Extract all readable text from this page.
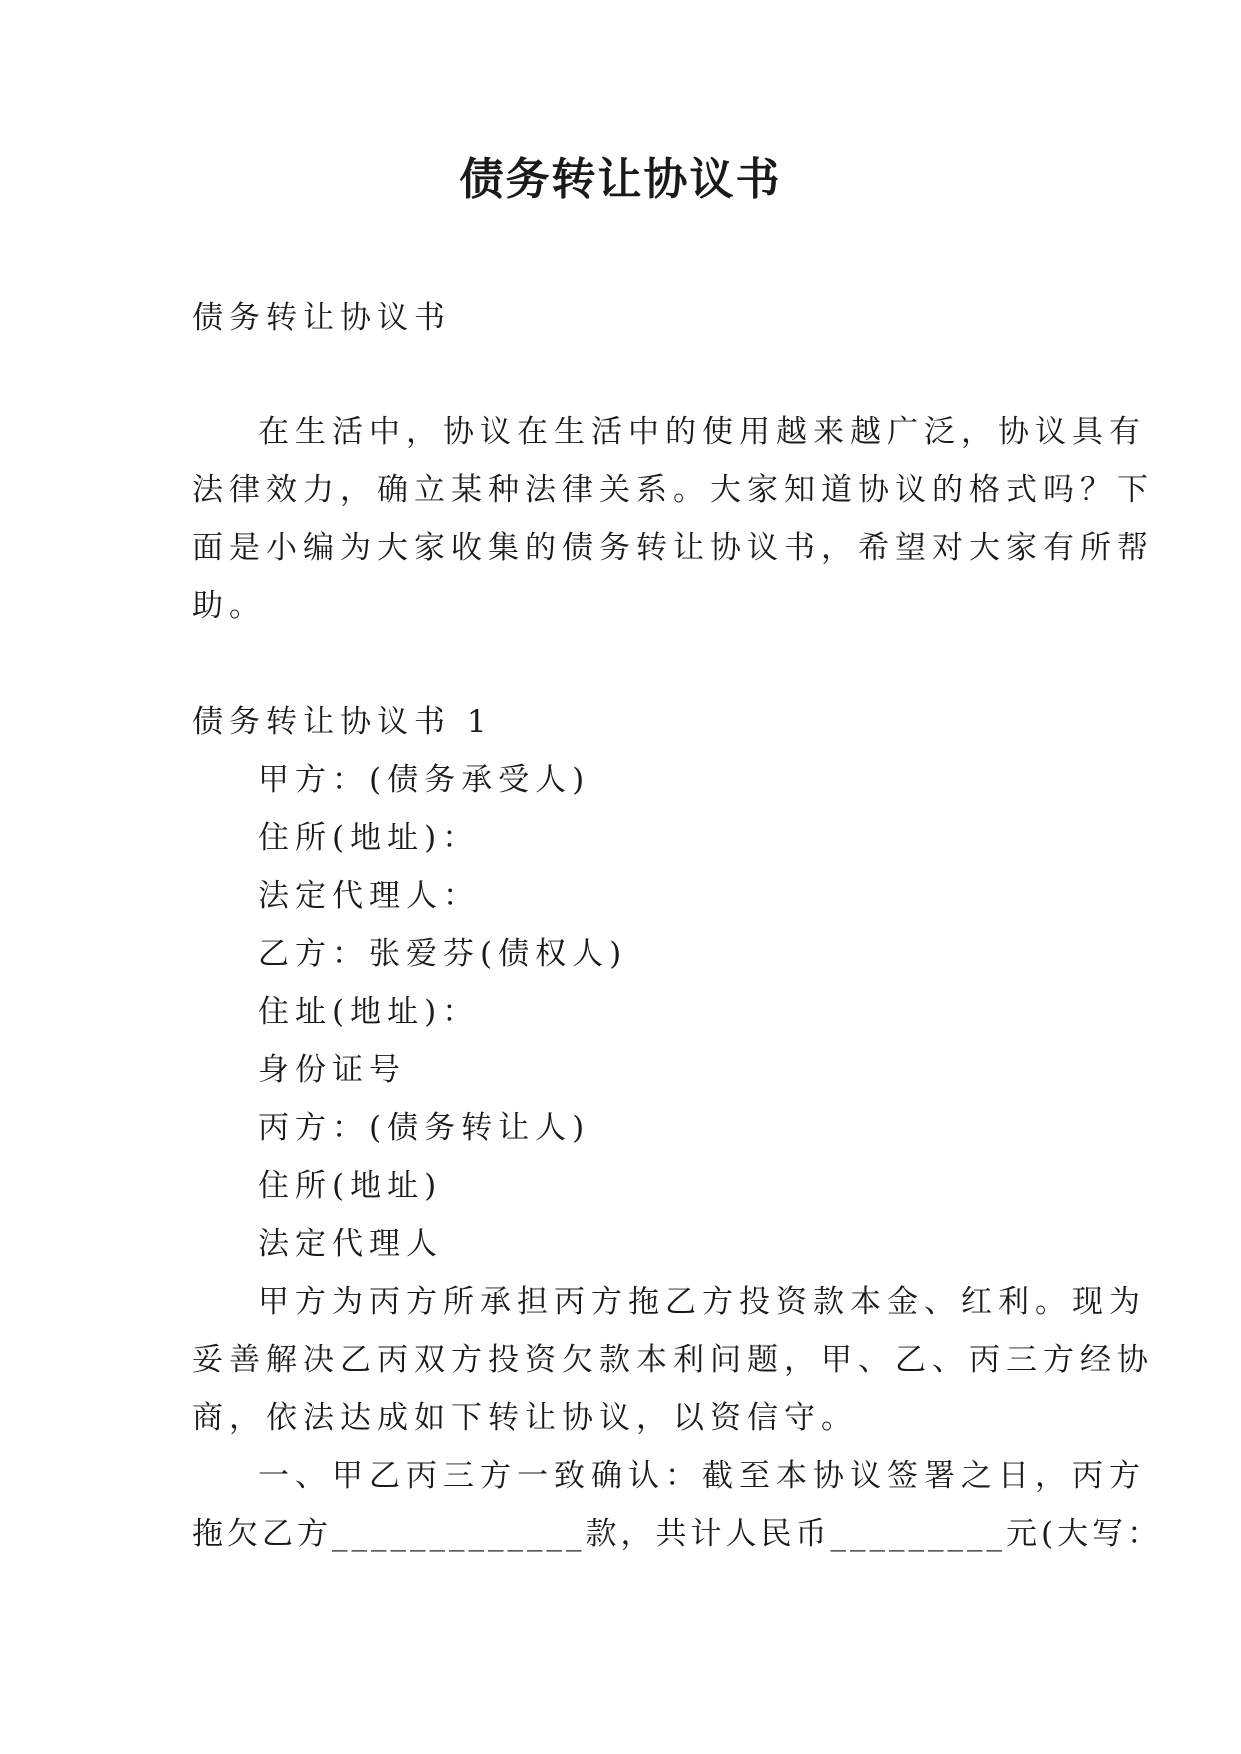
债务转让协议书

债务转让协议书

在生活中，协议在生活中的使用越来越广泛，协议具有

法律效力，确立某种法律关系。大家知道协议的格式吗？下

面是小编为大家收集的债务转让协议书，希望对大家有所帮

助。

债务转让协议书 1

甲方：(债务承受人)

住所(地址)：

法定代理人：

乙方：张爱芬(债权人)

住址(地址)：

身份证号

丙方：(债务转让人)

住所(地址)

法定代理人

甲方为丙方所承担丙方拖乙方投资款本金、红利。现为

妥善解决乙丙双方投资欠款本利问题，甲、乙、丙三方经协

商，依法达成如下转让协议，以资信守。

一、甲乙丙三方一致确认：截至本协议签署之日，丙方

拖欠乙方_____________款，共计人民币_________元(大写：
